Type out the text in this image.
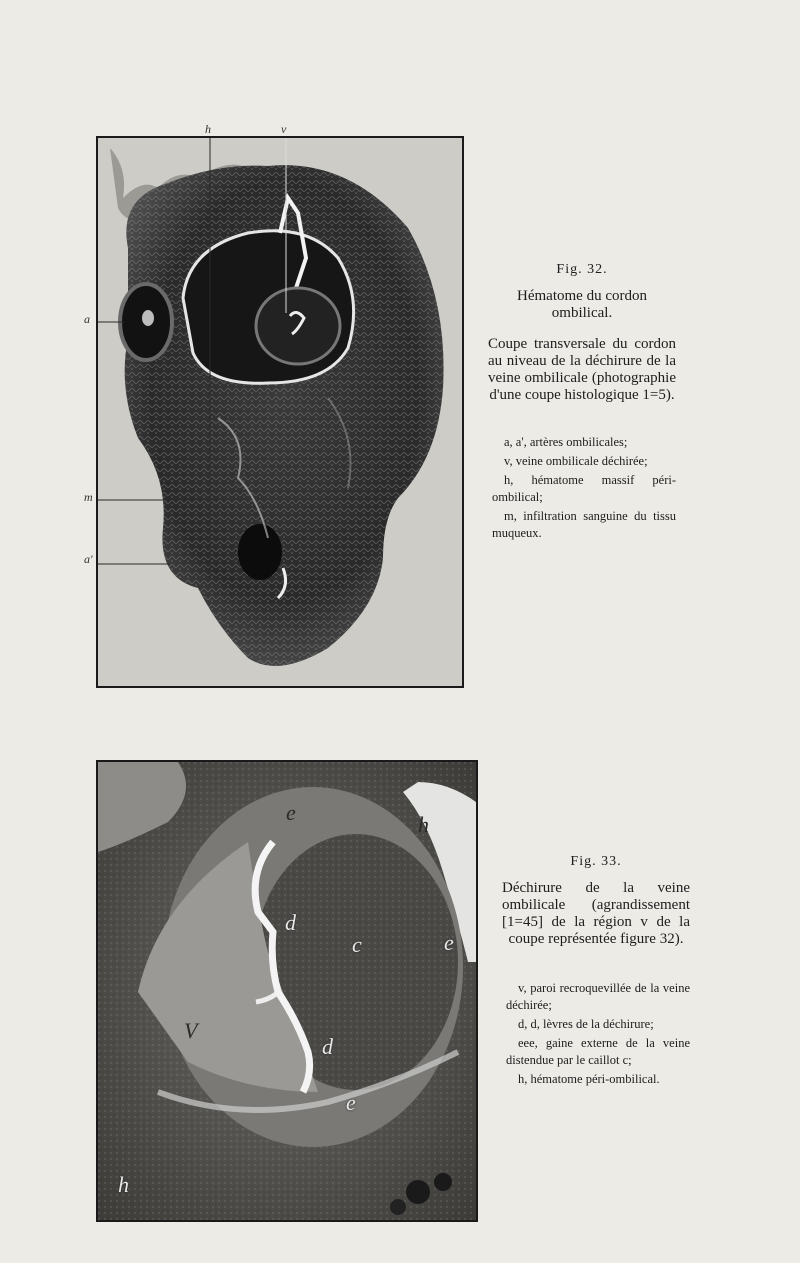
h	v
a
m
a'
Fig. 32.
Hématome du cordon ombilical.
Coupe transversale du cordon au niveau de la déchirure de la veine ombilicale (photographie d'une coupe histologique 1=5).

a, a', artères ombilicales;

v, veine ombilicale déchirée;

h, hématome massif péri-ombilical;

m, infiltration sanguine du tissu muqueux.

e	h
e
d
c
V
d
e
h
Fig. 33.
Déchirure de la veine ombilicale (agrandissement [1=45] de la région v de la coupe représentée figure 32).

v, paroi recroquevillée de la veine déchirée;

d, d, lèvres de la déchirure;

eee, gaine externe de la veine distendue par le caillot c;

h, hématome péri-ombilical.
